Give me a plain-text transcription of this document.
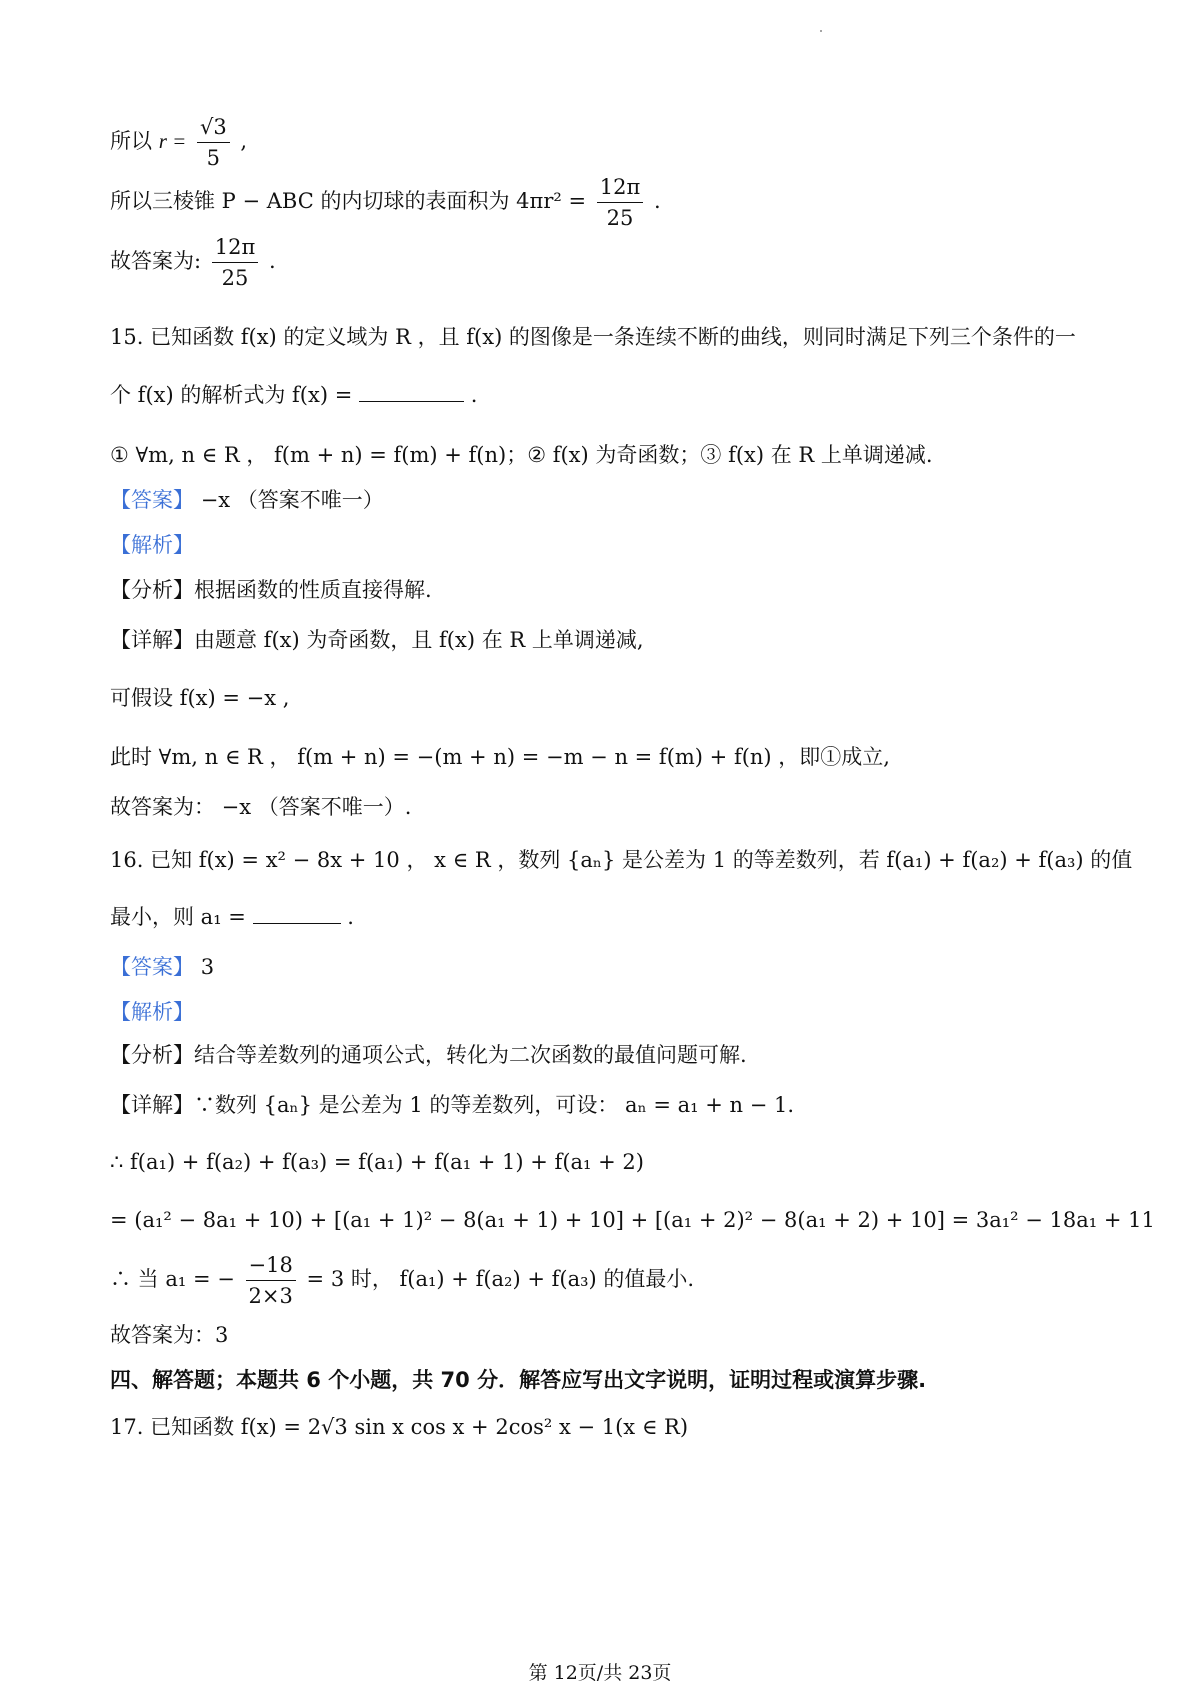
所以 $r = \frac{√3}{5}$ ,
所以三棱锥 P − ABC 的内切球的表面积为 $4\pi r^2 = \frac{12\pi}{25}$ .
故答案为: $\frac{12\pi}{25}$ .
15. 已知函数 f(x) 的定义域为 R ，且 f(x) 的图像是一条连续不断的曲线，则同时满足下列三个条件的一
个 f(x) 的解析式为 f(x) =	.
① ∀m, n ∈ R ， f(m + n) = f(m) + f(n)；② f(x) 为奇函数；③ f(x) 在 R 上单调递减.
【答案】 −x （答案不唯一）
【解析】
【分析】根据函数的性质直接得解.
【详解】由题意 f(x) 为奇函数，且 f(x) 在 R 上单调递减,
可假设 f(x) = −x ,
此时 ∀m, n ∈ R ， f(m + n) = −(m + n) = −m − n = f(m) + f(n) ，即①成立,
故答案为： −x （答案不唯一）.
16. 已知 f(x) = x² − 8x + 10 ， x ∈ R ，数列 {aₙ} 是公差为 1 的等差数列，若 f(a₁) + f(a₂) + f(a₃) 的值
最小，则 a₁ =	.
【答案】 3
【解析】
【分析】结合等差数列的通项公式，转化为二次函数的最值问题可解.
【详解】∵数列 {aₙ} 是公差为 1 的等差数列，可设： aₙ = a₁ + n − 1.
∴ f(a₁) + f(a₂) + f(a₃) = f(a₁) + f(a₁ + 1) + f(a₁ + 2)
= (a₁² − 8a₁ + 10) + [(a₁ + 1)² − 8(a₁ + 1) + 10] + [(a₁ + 2)² − 8(a₁ + 2) + 10] = 3a₁² − 18a₁ + 11
∴ 当 a₁ = − $\frac{-18}{2\times 3} = 3$ 时， f(a₁) + f(a₂) + f(a₃) 的值最小.
故答案为：3
四、解答题；本题共 6 个小题，共 70 分．解答应写出文字说明，证明过程或演算步骤.
17. 已知函数 f(x) = 2√3 sin x cos x + 2cos² x − 1(x ∈ R)
第 12页/共 23页
